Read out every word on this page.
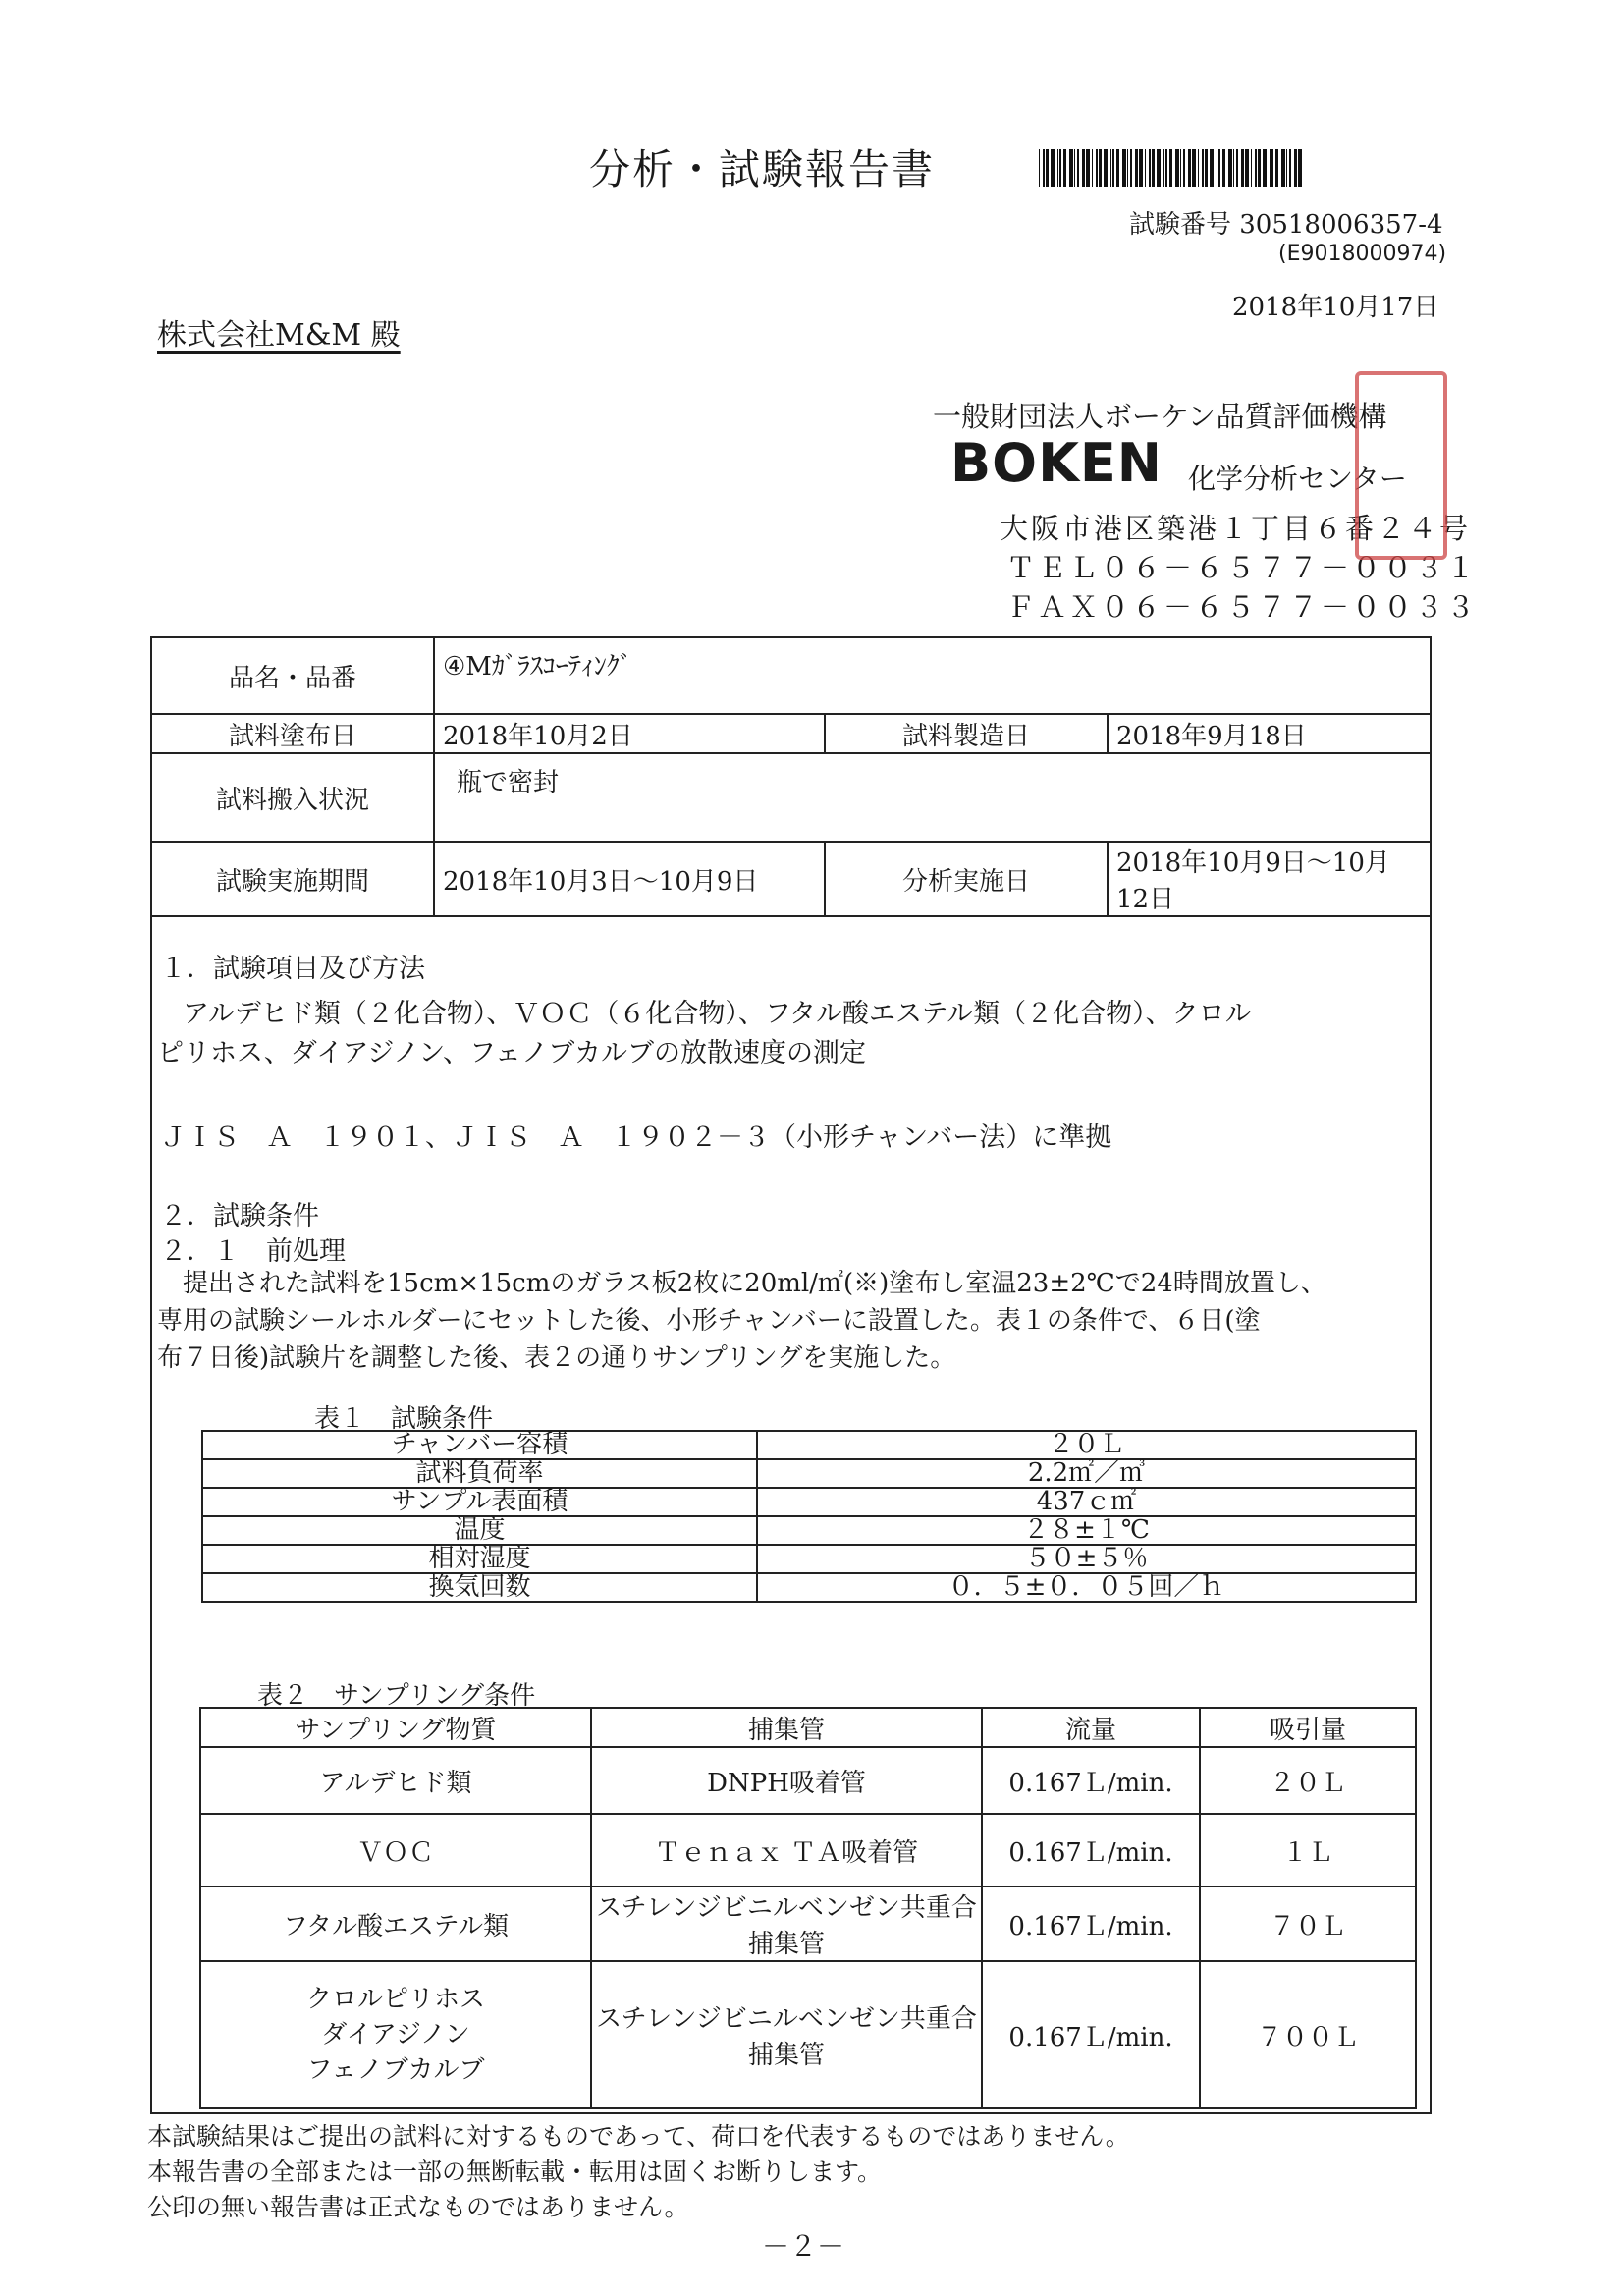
分析・試験報告書
試験番号 30518006357-4
(E9018000974)
2018年10月17日
株式会社M&M 殿
一般財団法人ボーケン品質評価機構
BOKEN 化学分析センター
大阪市港区築港１丁目６番２４号
ＴＥＬ０６－６５７７－００３１
ＦＡＸ０６－６５７７－００３３
品名・品番	④Mｶﾞﾗｽｺｰﾃｨﾝｸﾞ		
試料塗布日	2018年10月2日	試料製造日	2018年9月18日
試料搬入状況	瓶で密封		
試験実施期間	2018年10月3日～10月9日	分析実施日	2018年10月9日～10月12日
１．試験項目及び方法
アルデヒド類（２化合物）、ＶＯＣ（６化合物）、フタル酸エステル類（２化合物）、クロル
ピリホス、ダイアジノン、フェノブカルブの放散速度の測定
ＪＩＳ　Ａ　１９０１、ＪＩＳ　Ａ　１９０２－３（小形チャンバー法）に準拠
２．試験条件
２．１　前処理
提出された試料を15cm×15cmのガラス板2枚に20ml/㎡(※)塗布し室温23±2℃で24時間放置し、
専用の試験シールホルダーにセットした後、小形チャンバーに設置した。表１の条件で、６日(塗
布７日後)試験片を調整した後、表２の通りサンプリングを実施した。
表１　試験条件
チャンバー容積	２０Ｌ
試料負荷率	2.2㎡／㎥
サンプル表面積	437ｃ㎡
温度	２８±１℃
相対湿度	５０±５％
換気回数	０．５±０．０５回／ｈ
表２　サンプリング条件
サンプリング物質	捕集管	流量	吸引量
アルデヒド類	DNPH吸着管	0.167Ｌ/min.	２０Ｌ
ＶＯＣ	Ｔｅｎａｘ ＴＡ吸着管	0.167Ｌ/min.	１Ｌ
フタル酸エステル類	スチレンジビニルベンゼン共重合捕集管	0.167Ｌ/min.	７０Ｌ

クロルピリホス
ダイアジノン
フェノブカルブ	スチレンジビニルベンゼン共重合捕集管	0.167Ｌ/min.	７００Ｌ
本試験結果はご提出の試料に対するものであって、荷口を代表するものではありません。
本報告書の全部または一部の無断転載・転用は固くお断りします。
公印の無い報告書は正式なものではありません。
－２－
